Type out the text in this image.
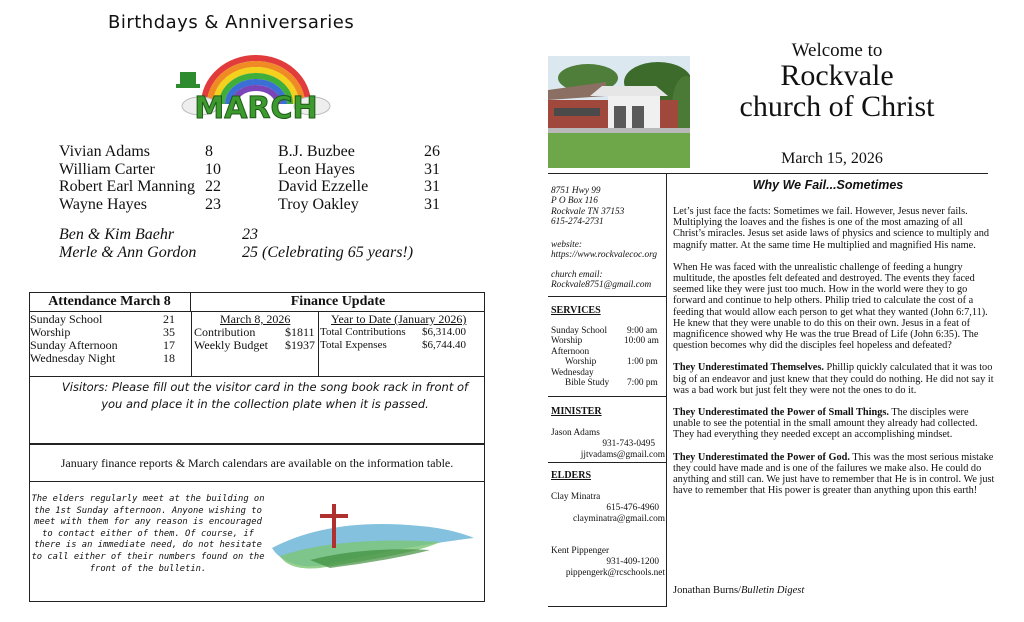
Birthdays & Anniversaries
MARCH
Vivian Adams	8	B.J. Buzbee	26
William Carter	10	Leon Hayes	31
Robert Earl Manning 22	David Ezzelle	31
Wayne Hayes	23	Troy Oakley	31
Ben & Kim Baehr	23
Merle & Ann Gordon	25 (Celebrating 65 years!)
Attendance March 8	Finance Update
Sunday School	21
Worship	35
Sunday Afternoon	17
Wednesday Night	18
March 8, 2026
Contribution $1811
Weekly Budget $1937
Year to Date (January 2026)
Total Contributions $6,314.00
Total Expenses	$6,744.40
Visitors: Please fill out the visitor card in the song book rack in front of you and place it in the collection plate when it is passed.
January finance reports & March calendars are available on the information table.
The elders regularly meet at the building on the 1st Sunday afternoon. Anyone wishing to meet with them for any reason is encouraged to contact either of them. Of course, if there is an immediate need, do not hesitate to call either of their numbers found on the front of the bulletin.
Welcome to
Rockvale
church of Christ
March 15, 2026
8751 Hwy 99
P O Box 116
Rockvale TN 37153
615-274-2731
website:
https://www.rockvalecoc.org
church email:
Rockvale8751@gmail.com
SERVICES
Sunday School 9:00 am
Worship	10:00 am
Afternoon
Worship	1:00 pm
Wednesday
Bible Study 7:00 pm
MINISTER
Jason Adams
931-743-0495
jjtvadams@gmail.com
ELDERS
Clay Minatra
615-476-4960
clayminatra@gmail.com
Kent Pippenger
931-409-1200
pippengerk@rcschools.net
Why We Fail...Sometimes

Let’s just face the facts: Sometimes we fail. However, Jesus never fails. Multiplying the loaves and the fishes is one of the most amazing of all Christ’s miracles. Jesus set aside laws of physics and science to multiply and magnify matter. At the same time He multiplied and magnified His name.

When He was faced with the unrealistic challenge of feeding a hungry multitude, the apostles felt defeated and destroyed. The events they faced seemed like they were just too much. How in the world were they to go forward and continue to help others. Philip tried to calculate the cost of a feeding that would allow each person to get what they wanted (John 6:7,11). He knew that they were unable to do this on their own. Jesus in a feat of magnificence showed why He was the true Bread of Life (John 6:35). The question becomes why did the disciples feel hopeless and defeated?

They Underestimated Themselves. Phillip quickly calculated that it was too big of an endeavor and just knew that they could do nothing. He did not say it was a bad work but just felt they were not the ones to do it.

They Underestimated the Power of Small Things. The disciples were unable to see the potential in the small amount they already had collected. They had everything they needed except an accomplishing mindset.

They Underestimated the Power of God. This was the most serious mistake they could have made and is one of the failures we make also. He could do anything and still can. We just have to remember that He is in control. We just have to remember that His power is greater than anything upon this earth!

Jonathan Burns/Bulletin Digest
